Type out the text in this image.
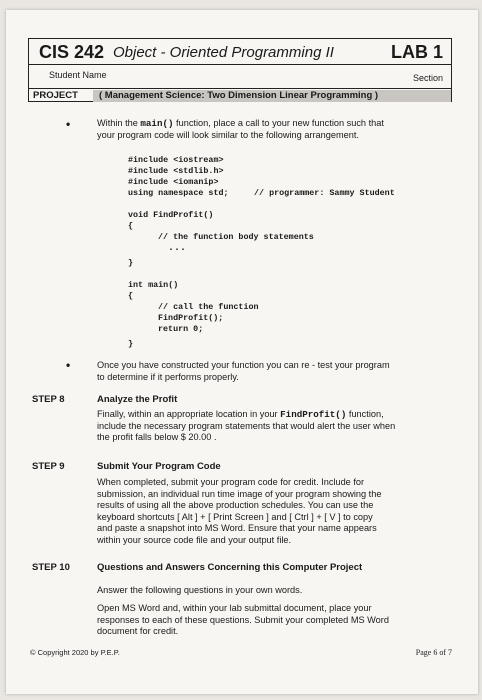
CIS 242 Object - Oriented Programming II	LAB 1
Student Name	Section
PROJECT ( Management Science: Two Dimension Linear Programming )
•	Within the main() function, place a call to your new function such that

your program code will look similar to the following arrangement.

#include <iostream>
#include <stdlib.h>
#include <iomanip>
using namespace std;	// programmer: Sammy Student
void FindProfit()
{
// the function body statements
...
}
int main()
{
// call the function
FindProfit();
return 0;
}
•	Once you have constructed your function you can re - test your program

to determine if it performs properly.

STEP 8	Analyze the Profit

Finally, within an appropriate location in your FindProfit() function,

include the necessary program statements that would alert the user when

the profit falls below $ 20.00 .

STEP 9	Submit Your Program Code

When completed, submit your program code for credit. Include for

submission, an individual run time image of your program showing the

results of using all the above production schedules. You can use the

keyboard shortcuts [ Alt ] + [ Print Screen ] and [ Ctrl ] + [ V ] to copy

and paste a snapshot into MS Word. Ensure that your name appears

within your source code file and your output file.

STEP 10	Questions and Answers Concerning this Computer Project
Answer the following questions in your own words.

Open MS Word and, within your lab submittal document, place your

responses to each of these questions. Submit your completed MS Word

document for credit.

© Copyright 2020 by P.E.P.	Page 6 of 7
